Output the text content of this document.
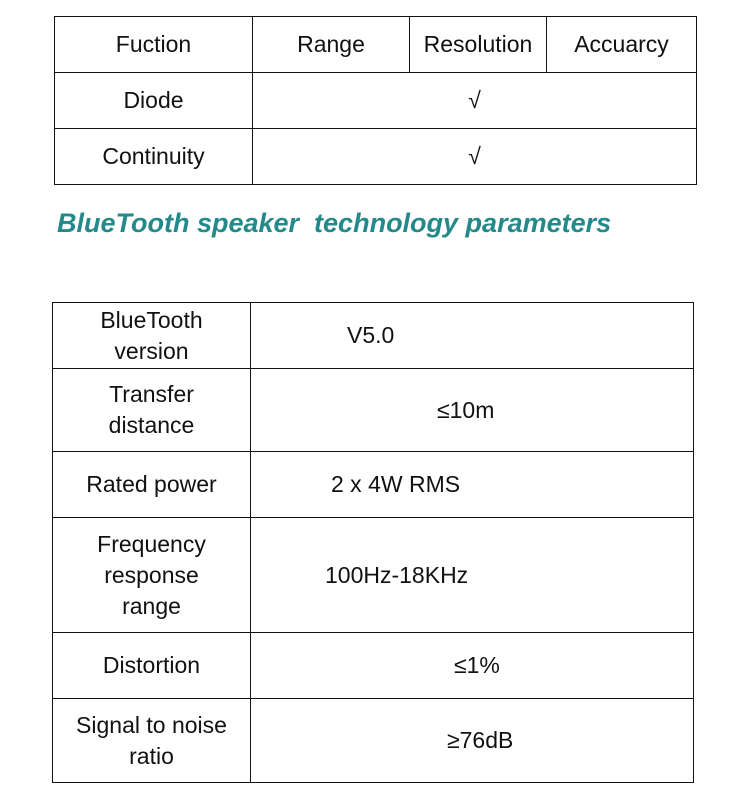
Fuction	Range	Resolution	Accuarcy
Diode	√		
Continuity	√		
BlueTooth speaker  technology parameters
BlueTooth version	V5.0

Transfer distance	≤10m
Rated power	2 x 4W RMS

Frequency response range	100Hz-18KHz
Distortion	≤1%

Signal to noise ratio	≥76dB
